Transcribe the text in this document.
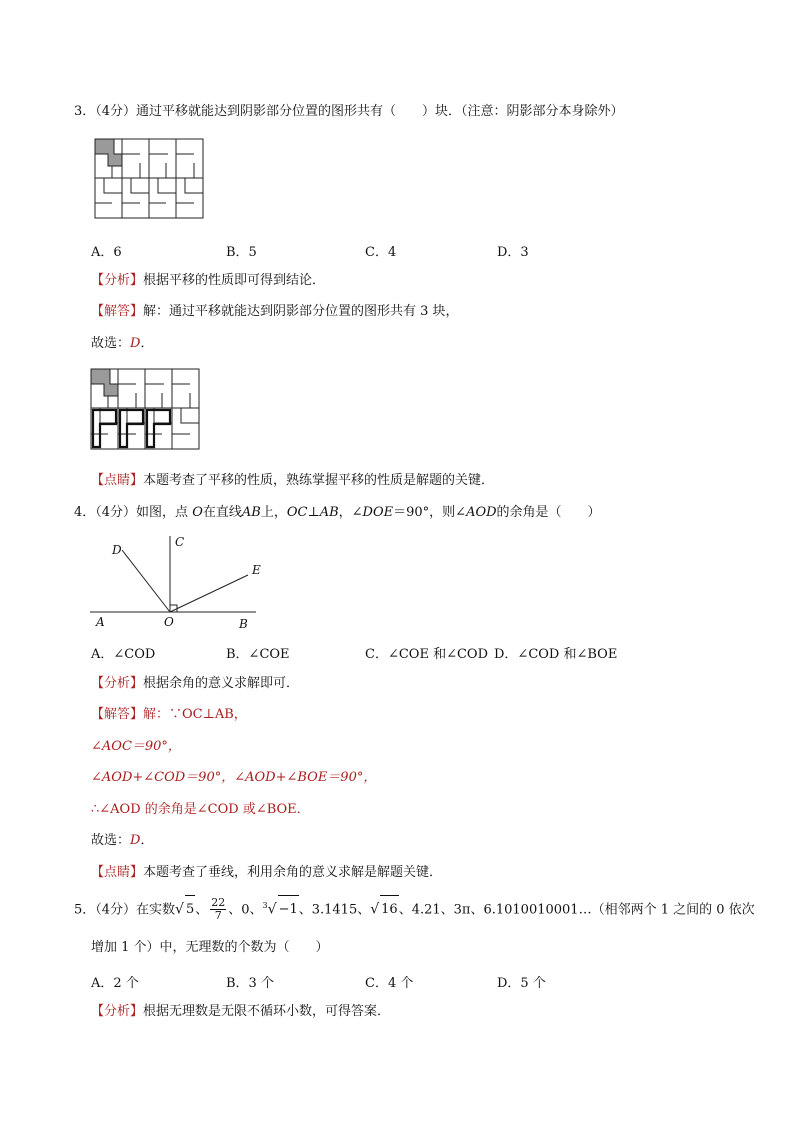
3．（4分）通过平移就能达到阴影部分位置的图形共有（　　）块．（注意：阴影部分本身除外）
A．6	B．5	C．4	D．3
【分析】根据平移的性质即可得到结论．
【解答】解：通过平移就能达到阴影部分位置的图形共有 3 块，
故选：D．
【点睛】本题考查了平移的性质，熟练掌握平移的性质是解题的关键．
4．（4分）如图，点 O在直线AB上，OC⊥AB，∠DOE＝90°，则∠AOD的余角是（　　）
C
D
E
A	O	B
A．∠COD	B．∠COE	C．∠COE 和∠COD D．∠COD 和∠BOE
【分析】根据余角的意义求解即可．
【解答】解：∵OC⊥AB，
∠AOC＝90°，
∠AOD+∠COD＝90°，∠AOD+∠BOE＝90°，
∴∠AOD 的余角是∠COD 或∠BOE．
故选：D．
【点睛】本题考查了垂线，利用余角的意义求解是解题关键．
5．（4分）在实数√ 5、 $\frac{22}{7}$ 、0、$^3$√ −1、3.1415、√ 16、4.21、3π、6.1010010001…（相邻两个 1 之间的 0 依次
增加 1 个）中，无理数的个数为（　　）
A．2 个	B．3 个	C．4 个	D．5 个
【分析】根据无理数是无限不循环小数，可得答案．
